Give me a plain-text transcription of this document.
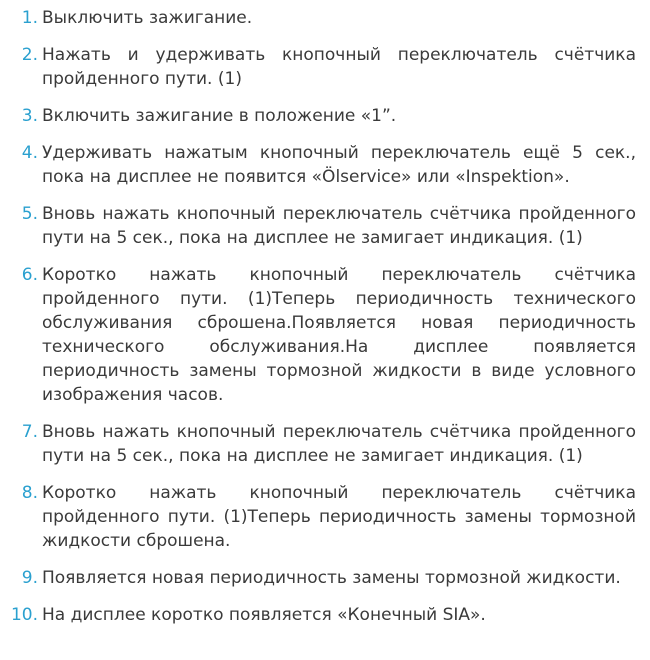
1. Выключить зажигание.
2. Нажать и удерживать кнопочный переключатель счётчика пройденного пути. (1)
3. Включить зажигание в положение «1”.
4. Удерживать нажатым кнопочный переключатель ещё 5 сек., пока на дисплее не появится «Ölservice» или «Inspektion».
5. Вновь нажать кнопочный переключатель счётчика пройденного пути на 5 сек., пока на дисплее не замигает индикация. (1)
6. Коротко нажать кнопочный переключатель счётчика пройденного пути. (1)Теперь периодичность технического обслуживания сброшена.Появляется новая периодичность технического обслуживания.На дисплее появляется периодичность замены тормозной жидкости в виде условного изображения часов.
7. Вновь нажать кнопочный переключатель счётчика пройденного пути на 5 сек., пока на дисплее не замигает индикация. (1)
8. Коротко нажать кнопочный переключатель счётчика пройденного пути. (1)Теперь периодичность замены тормозной жидкости сброшена.
9. Появляется новая периодичность замены тормозной жидкости.
10. На дисплее коротко появляется «Конечный SIA».
